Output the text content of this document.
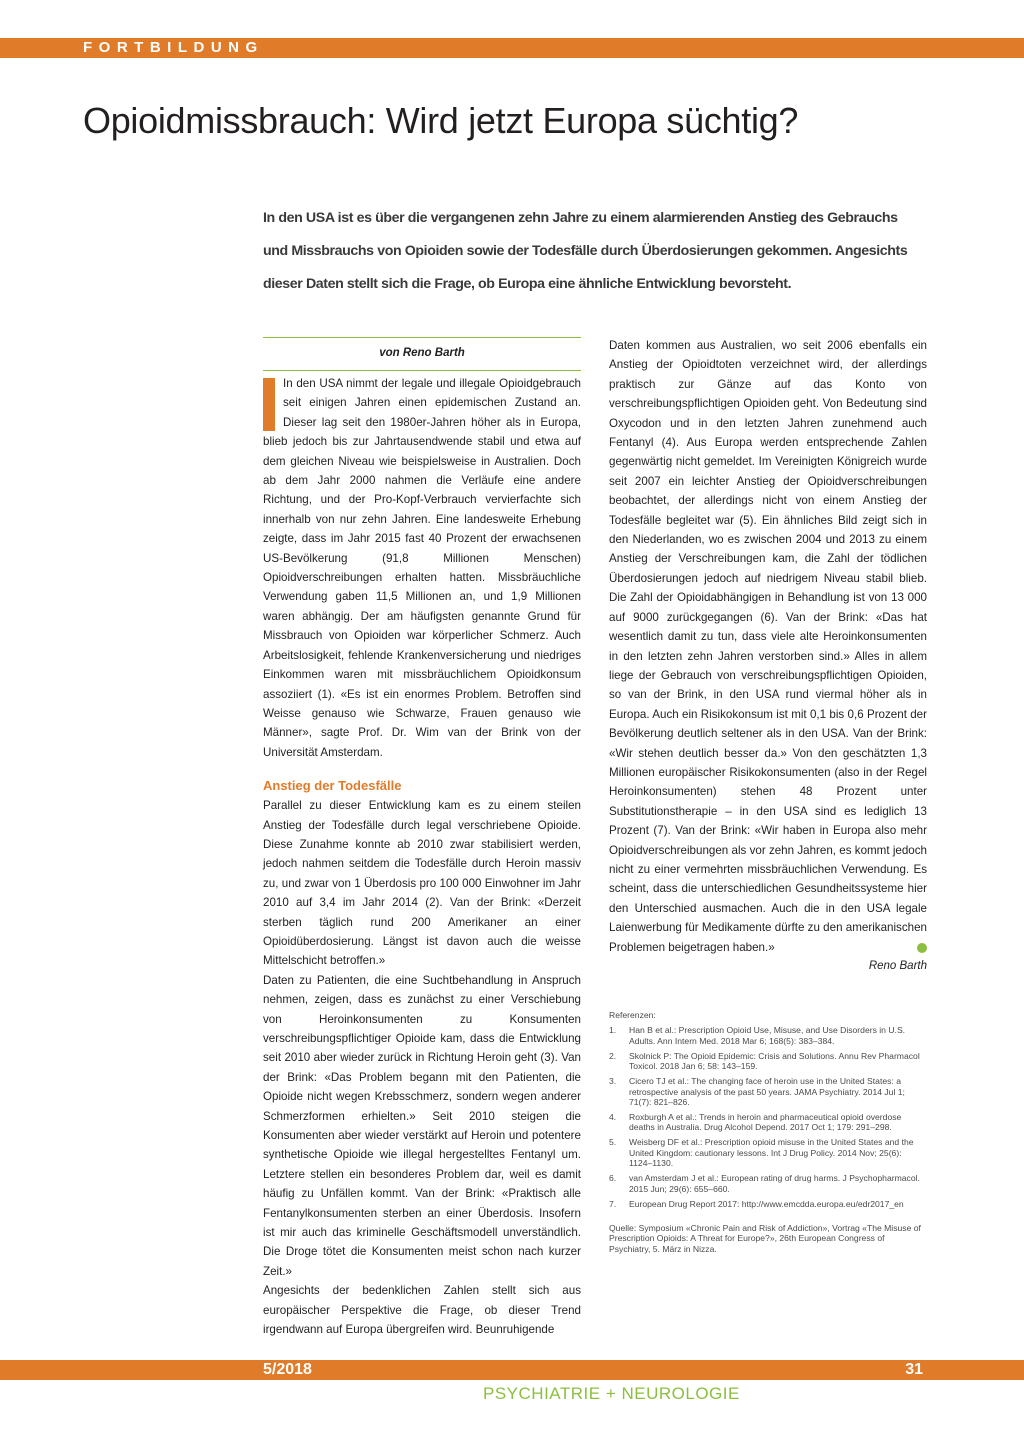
FORTBILDUNG
Opioidmissbrauch: Wird jetzt Europa süchtig?

In den USA ist es über die vergangenen zehn Jahre zu einem alarmierenden Anstieg des Gebrauchs und Missbrauchs von Opioiden sowie der Todesfälle durch Überdosierungen gekommen. Angesichts dieser Daten stellt sich die Frage, ob Europa eine ähnliche Entwicklung bevorsteht.

von Reno Barth

In den USA nimmt der legale und illegale Opioidgebrauch seit einigen Jahren einen epidemischen Zustand an. Dieser lag seit den 1980er-Jahren höher als in Europa, blieb jedoch bis zur Jahrtausendwende stabil und etwa auf dem gleichen Niveau wie beispielsweise in Australien. Doch ab dem Jahr 2000 nahmen die Verläufe eine andere Richtung, und der Pro-Kopf-Verbrauch vervierfachte sich innerhalb von nur zehn Jahren. Eine landesweite Erhebung zeigte, dass im Jahr 2015 fast 40 Prozent der erwachsenen US-Bevölkerung (91,8 Millionen Menschen) Opioidverschreibungen erhalten hatten. Missbräuchliche Verwendung gaben 11,5 Millionen an, und 1,9 Millionen waren abhängig. Der am häufigsten genannte Grund für Missbrauch von Opioiden war körperlicher Schmerz. Auch Arbeitslosigkeit, fehlende Krankenversicherung und niedriges Einkommen waren mit missbräuchlichem Opioidkonsum assoziiert (1). «Es ist ein enormes Problem. Betroffen sind Weisse genauso wie Schwarze, Frauen genauso wie Männer», sagte Prof. Dr. Wim van der Brink von der Universität Amsterdam.

Anstieg der Todesfälle

Parallel zu dieser Entwicklung kam es zu einem steilen Anstieg der Todesfälle durch legal verschriebene Opioide. Diese Zunahme konnte ab 2010 zwar stabilisiert werden, jedoch nahmen seitdem die Todesfälle durch Heroin massiv zu, und zwar von 1 Überdosis pro 100 000 Einwohner im Jahr 2010 auf 3,4 im Jahr 2014 (2). Van der Brink: «Derzeit sterben täglich rund 200 Amerikaner an einer Opioidüberdosierung. Längst ist davon auch die weisse Mittelschicht betroffen.»

Daten zu Patienten, die eine Suchtbehandlung in Anspruch nehmen, zeigen, dass es zunächst zu einer Verschiebung von Heroinkonsumenten zu Konsumenten verschreibungspflichtiger Opioide kam, dass die Entwicklung seit 2010 aber wieder zurück in Richtung Heroin geht (3). Van der Brink: «Das Problem begann mit den Patienten, die Opioide nicht wegen Krebsschmerz, sondern wegen anderer Schmerzformen erhielten.» Seit 2010 steigen die Konsumenten aber wieder verstärkt auf Heroin und potentere synthetische Opioide wie illegal hergestelltes Fentanyl um. Letztere stellen ein besonderes Problem dar, weil es damit häufig zu Unfällen kommt. Van der Brink: «Praktisch alle Fentanylkonsumenten sterben an einer Überdosis. Insofern ist mir auch das kriminelle Geschäftsmodell unverständlich. Die Droge tötet die Konsumenten meist schon nach kurzer Zeit.»

Angesichts der bedenklichen Zahlen stellt sich aus europäischer Perspektive die Frage, ob dieser Trend irgendwann auf Europa übergreifen wird. Beunruhigende

Daten kommen aus Australien, wo seit 2006 ebenfalls ein Anstieg der Opioidtoten verzeichnet wird, der allerdings praktisch zur Gänze auf das Konto von verschreibungspflichtigen Opioiden geht. Von Bedeutung sind Oxycodon und in den letzten Jahren zunehmend auch Fentanyl (4). Aus Europa werden entsprechende Zahlen gegenwärtig nicht gemeldet. Im Vereinigten Königreich wurde seit 2007 ein leichter Anstieg der Opioidverschreibungen beobachtet, der allerdings nicht von einem Anstieg der Todesfälle begleitet war (5). Ein ähnliches Bild zeigt sich in den Niederlanden, wo es zwischen 2004 und 2013 zu einem Anstieg der Verschreibungen kam, die Zahl der tödlichen Überdosierungen jedoch auf niedrigem Niveau stabil blieb. Die Zahl der Opioidabhängigen in Behandlung ist von 13 000 auf 9000 zurückgegangen (6). Van der Brink: «Das hat wesentlich damit zu tun, dass viele alte Heroinkonsumenten in den letzten zehn Jahren verstorben sind.» Alles in allem liege der Gebrauch von verschreibungspflichtigen Opioiden, so van der Brink, in den USA rund viermal höher als in Europa. Auch ein Risikokonsum ist mit 0,1 bis 0,6 Prozent der Bevölkerung deutlich seltener als in den USA. Van der Brink: «Wir stehen deutlich besser da.» Von den geschätzten 1,3 Millionen europäischer Risikokonsumenten (also in der Regel Heroinkonsumenten) stehen 48 Prozent unter Substitutionstherapie – in den USA sind es lediglich 13 Prozent (7). Van der Brink: «Wir haben in Europa also mehr Opioidverschreibungen als vor zehn Jahren, es kommt jedoch nicht zu einer vermehrten missbräuchlichen Verwendung. Es scheint, dass die unterschiedlichen Gesundheitssysteme hier den Unterschied ausmachen. Auch die in den USA legale Laienwerbung für Medikamente dürfte zu den amerikanischen Problemen beigetragen haben.»

Reno Barth

Referenzen:

1. Han B et al.: Prescription Opioid Use, Misuse, and Use Disorders in U.S. Adults. Ann Intern Med. 2018 Mar 6; 168(5): 383–384.
2. Skolnick P: The Opioid Epidemic: Crisis and Solutions. Annu Rev Pharmacol Toxicol. 2018 Jan 6; 58: 143–159.
3. Cicero TJ et al.: The changing face of heroin use in the United States: a retrospective analysis of the past 50 years. JAMA Psychiatry. 2014 Jul 1; 71(7): 821–826.
4. Roxburgh A et al.: Trends in heroin and pharmaceutical opioid overdose deaths in Australia. Drug Alcohol Depend. 2017 Oct 1; 179: 291–298.
5. Weisberg DF et al.: Prescription opioid misuse in the United States and the United Kingdom: cautionary lessons. Int J Drug Policy. 2014 Nov; 25(6): 1124–1130.
6. van Amsterdam J et al.: European rating of drug harms. J Psychopharmacol. 2015 Jun; 29(6): 655–660.
7. European Drug Report 2017: http://www.emcdda.europa.eu/edr2017_en

Quelle: Symposium «Chronic Pain and Risk of Addiction», Vortrag «The Misuse of Prescription Opioids: A Threat for Europe?», 26th European Congress of Psychiatry, 5. März in Nizza.

5/2018	31
PSYCHIATRIE + NEUROLOGIE
